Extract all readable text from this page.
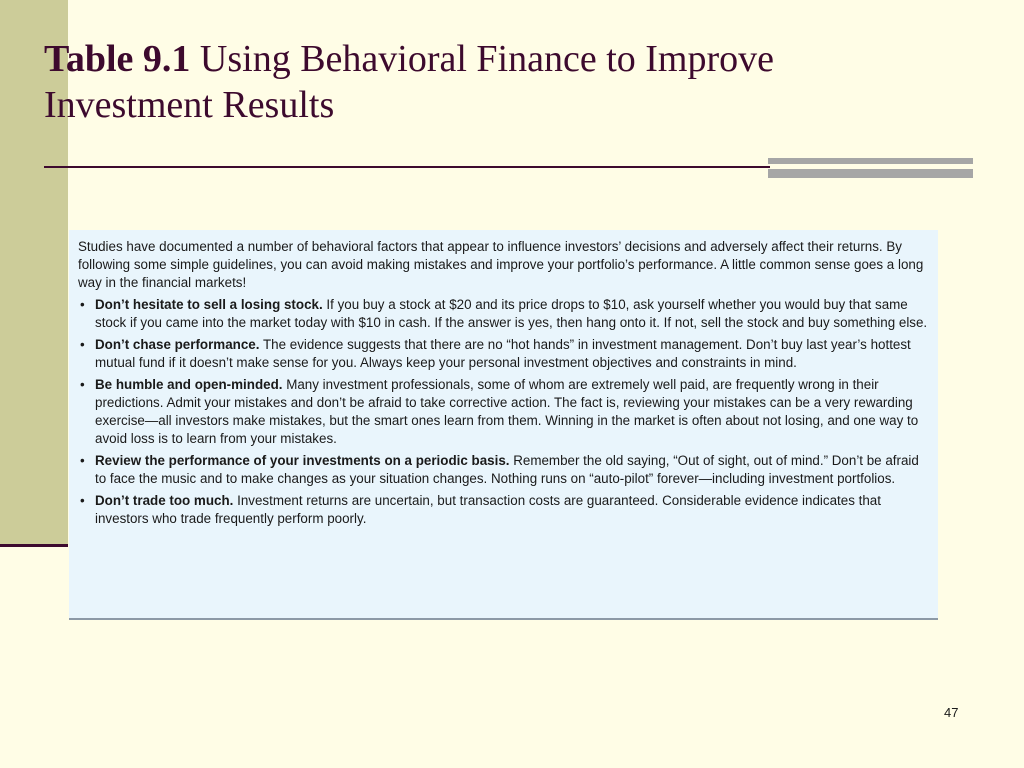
Table 9.1 Using Behavioral Finance to Improve Investment Results

Studies have documented a number of behavioral factors that appear to influence investors’ decisions and adversely affect their returns. By following some simple guidelines, you can avoid making mistakes and improve your portfolio’s performance. A little common sense goes a long way in the financial markets!

• Don’t hesitate to sell a losing stock. If you buy a stock at $20 and its price drops to $10, ask yourself whether you would buy that same stock if you came into the market today with $10 in cash. If the answer is yes, then hang onto it. If not, sell the stock and buy something else.
• Don’t chase performance. The evidence suggests that there are no “hot hands” in investment management. Don’t buy last year’s hottest mutual fund if it doesn’t make sense for you. Always keep your personal investment objectives and constraints in mind.
• Be humble and open-minded. Many investment professionals, some of whom are extremely well paid, are frequently wrong in their predictions. Admit your mistakes and don’t be afraid to take corrective action. The fact is, reviewing your mistakes can be a very rewarding exercise—all investors make mistakes, but the smart ones learn from them. Winning in the market is often about not losing, and one way to avoid loss is to learn from your mistakes.
• Review the performance of your investments on a periodic basis. Remember the old saying, “Out of sight, out of mind.” Don’t be afraid to face the music and to make changes as your situation changes. Nothing runs on “auto-pilot” forever—including investment portfolios.
• Don’t trade too much. Investment returns are uncertain, but transaction costs are guaranteed. Considerable evidence indicates that investors who trade frequently perform poorly.
47
